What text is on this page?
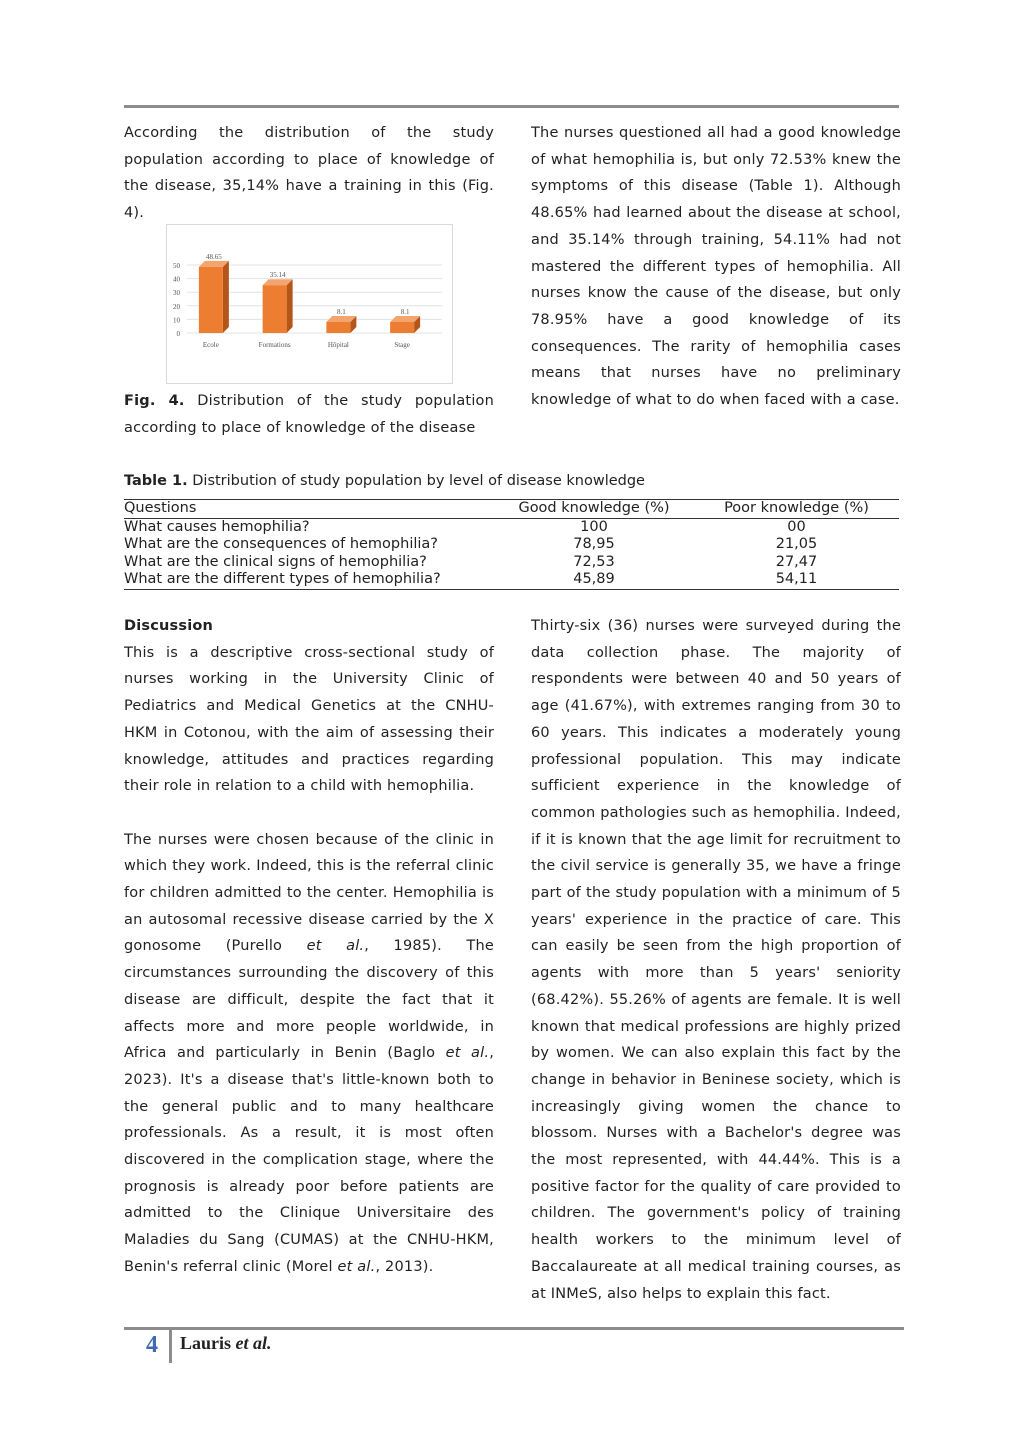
According the distribution of the study population according to place of knowledge of the disease, 35,14% have a training in this (Fig. 4).

0
10
20
30
40
50
48.65
Ecole
35.14
Formations
8.1
Hôpital
8.1
Stage
Fig. 4. Distribution of the study population according to place of knowledge of the disease

The nurses questioned all had a good knowledge of what hemophilia is, but only 72.53% knew the symptoms of this disease (Table 1). Although 48.65% had learned about the disease at school, and 35.14% through training, 54.11% had not mastered the different types of hemophilia. All nurses know the cause of the disease, but only 78.95% have a good knowledge of its consequences. The rarity of hemophilia cases means that nurses have no preliminary knowledge of what to do when faced with a case.

Table 1. Distribution of study population by level of disease knowledge
Questions	Good knowledge (%)	Poor knowledge (%)
What causes hemophilia?	100	00
What are the consequences of hemophilia?	78,95	21,05
What are the clinical signs of hemophilia?	72,53	27,47
What are the different types of hemophilia?	45,89	54,11

Discussion

This is a descriptive cross-sectional study of nurses working in the University Clinic of Pediatrics and Medical Genetics at the CNHU-HKM in Cotonou, with the aim of assessing their knowledge, attitudes and practices regarding their role in relation to a child with hemophilia.

The nurses were chosen because of the clinic in which they work. Indeed, this is the referral clinic for children admitted to the center. Hemophilia is an autosomal recessive disease carried by the X gonosome (Purello et al., 1985). The circumstances surrounding the discovery of this disease are difficult, despite the fact that it affects more and more people worldwide, in Africa and particularly in Benin (Baglo et al., 2023). It's a disease that's little-known both to the general public and to many healthcare professionals. As a result, it is most often discovered in the complication stage, where the prognosis is already poor before patients are admitted to the Clinique Universitaire des Maladies du Sang (CUMAS) at the CNHU-HKM, Benin's referral clinic (Morel et al., 2013).

Thirty-six (36) nurses were surveyed during the data collection phase. The majority of respondents were between 40 and 50 years of age (41.67%), with extremes ranging from 30 to 60 years. This indicates a moderately young professional population. This may indicate sufficient experience in the knowledge of common pathologies such as hemophilia. Indeed, if it is known that the age limit for recruitment to the civil service is generally 35, we have a fringe part of the study population with a minimum of 5 years' experience in the practice of care. This can easily be seen from the high proportion of agents with more than 5 years' seniority (68.42%). 55.26% of agents are female. It is well known that medical professions are highly prized by women. We can also explain this fact by the change in behavior in Beninese society, which is increasingly giving women the chance to blossom. Nurses with a Bachelor's degree was the most represented, with 44.44%. This is a positive factor for the quality of care provided to children. The government's policy of training health workers to the minimum level of Baccalaureate at all medical training courses, as at INMeS, also helps to explain this fact.

4 Lauris et al.
